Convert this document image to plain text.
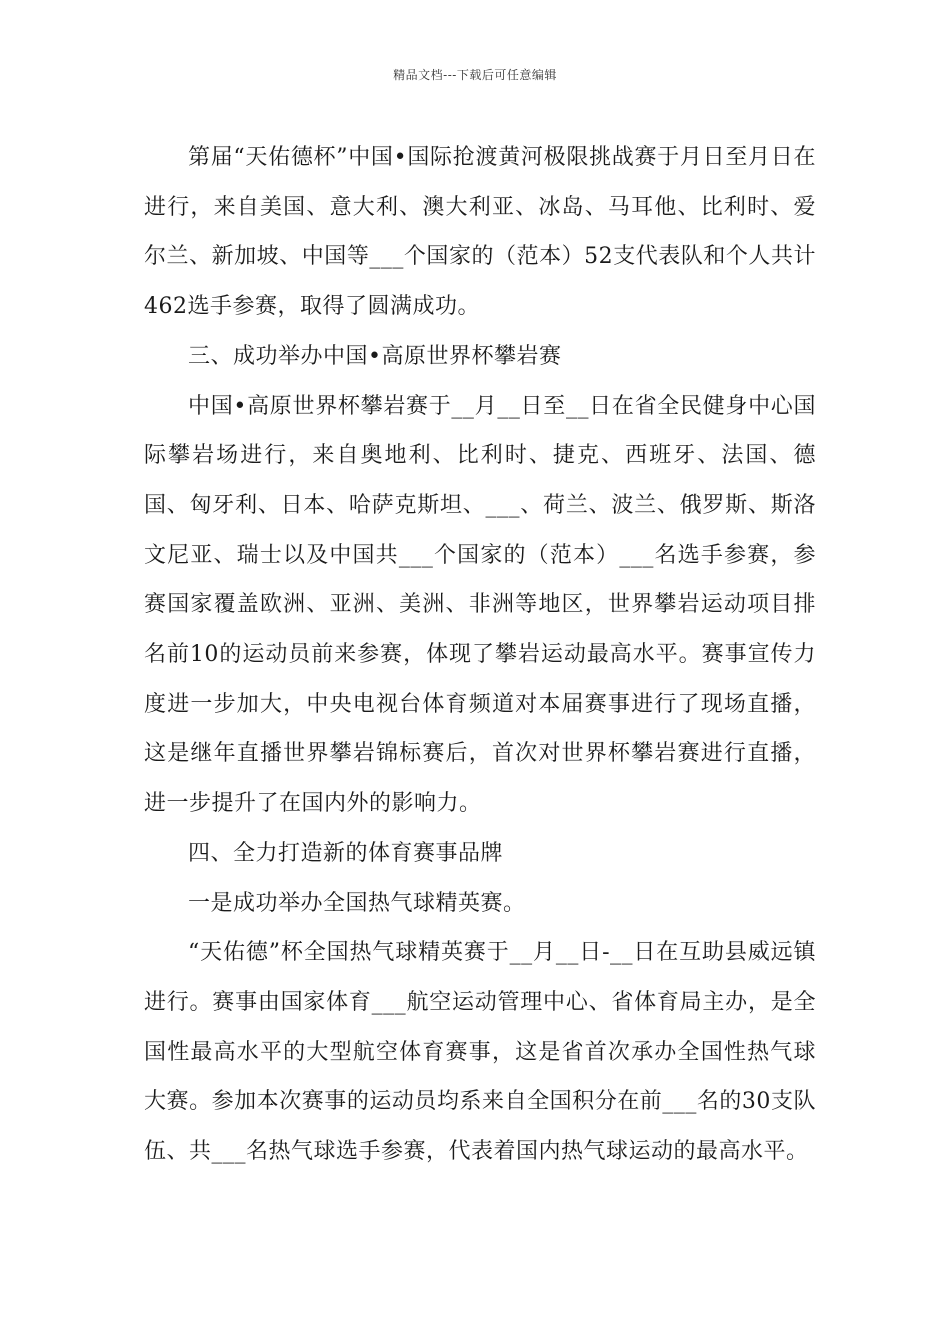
精品文档---下载后可任意编辑

第届“天佑德杯”中国•国际抢渡黄河极限挑战赛于月日至月日在进行，来自美国、意大利、澳大利亚、冰岛、马耳他、比利时、爱尔兰、新加坡、中国等___个国家的（范本）52支代表队和个人共计462选手参赛，取得了圆满成功。

三、成功举办中国•高原世界杯攀岩赛

中国•高原世界杯攀岩赛于__月__日至__日在省全民健身中心国际攀岩场进行，来自奥地利、比利时、捷克、西班牙、法国、德国、匈牙利、日本、哈萨克斯坦、___、荷兰、波兰、俄罗斯、斯洛文尼亚、瑞士以及中国共___个国家的（范本）___名选手参赛，参赛国家覆盖欧洲、亚洲、美洲、非洲等地区，世界攀岩运动项目排名前10的运动员前来参赛，体现了攀岩运动最高水平。赛事宣传力度进一步加大，中央电视台体育频道对本届赛事进行了现场直播，这是继年直播世界攀岩锦标赛后，首次对世界杯攀岩赛进行直播，进一步提升了在国内外的影响力。

四、全力打造新的体育赛事品牌

一是成功举办全国热气球精英赛。

“天佑德”杯全国热气球精英赛于__月__日-__日在互助县威远镇进行。赛事由国家体育___航空运动管理中心、省体育局主办，是全国性最高水平的大型航空体育赛事，这是省首次承办全国性热气球大赛。参加本次赛事的运动员均系来自全国积分在前___名的30支队伍、共___名热气球选手参赛，代表着国内热气球运动的最高水平。
